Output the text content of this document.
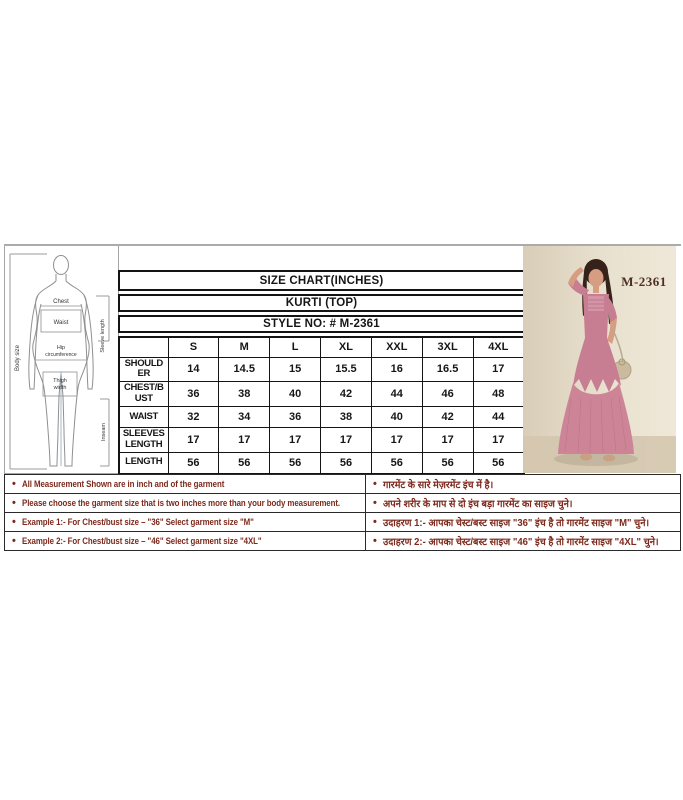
Body size
Chest
Waist
Hip
circumference
Thigh
width
Sleeve length
Inseam
SIZE CHART(INCHES)
KURTI (TOP)
STYLE NO: # M-2361
	S	M	L	XL	XXL	3XL	4XL
SHOULDER	14	14.5	15	15.5	16	16.5	17
CHEST/BUST	36	38	40	42	44	46	48
WAIST	32	34	36	38	40	42	44
SLEEVES LENGTH	17	17	17	17	17	17	17
LENGTH	56	56	56	56	56	56	56
M-2361
• All Measurement Shown are in inch and of the garment	• गारमेंट के सारे मेज़रमेंट इंच में है।

• Please choose the garment size that is two inches more than your body measurement.	• अपने शरीर के माप से दो इंच बड़ा गारमेंट का साइज चुने।

• Example 1:- For Chest/bust size – "36" Select garment size "M"	• उदाहरण 1:- आपका चेस्ट/बस्ट साइज "36" इंच है तो गारमेंट साइज "M" चुने।

• Example 2:- For Chest/bust size – "46" Select garment size "4XL"	• उदाहरण 2:- आपका चेस्ट/बस्ट साइज "46" इंच है तो गारमेंट साइज "4XL" चुने।
